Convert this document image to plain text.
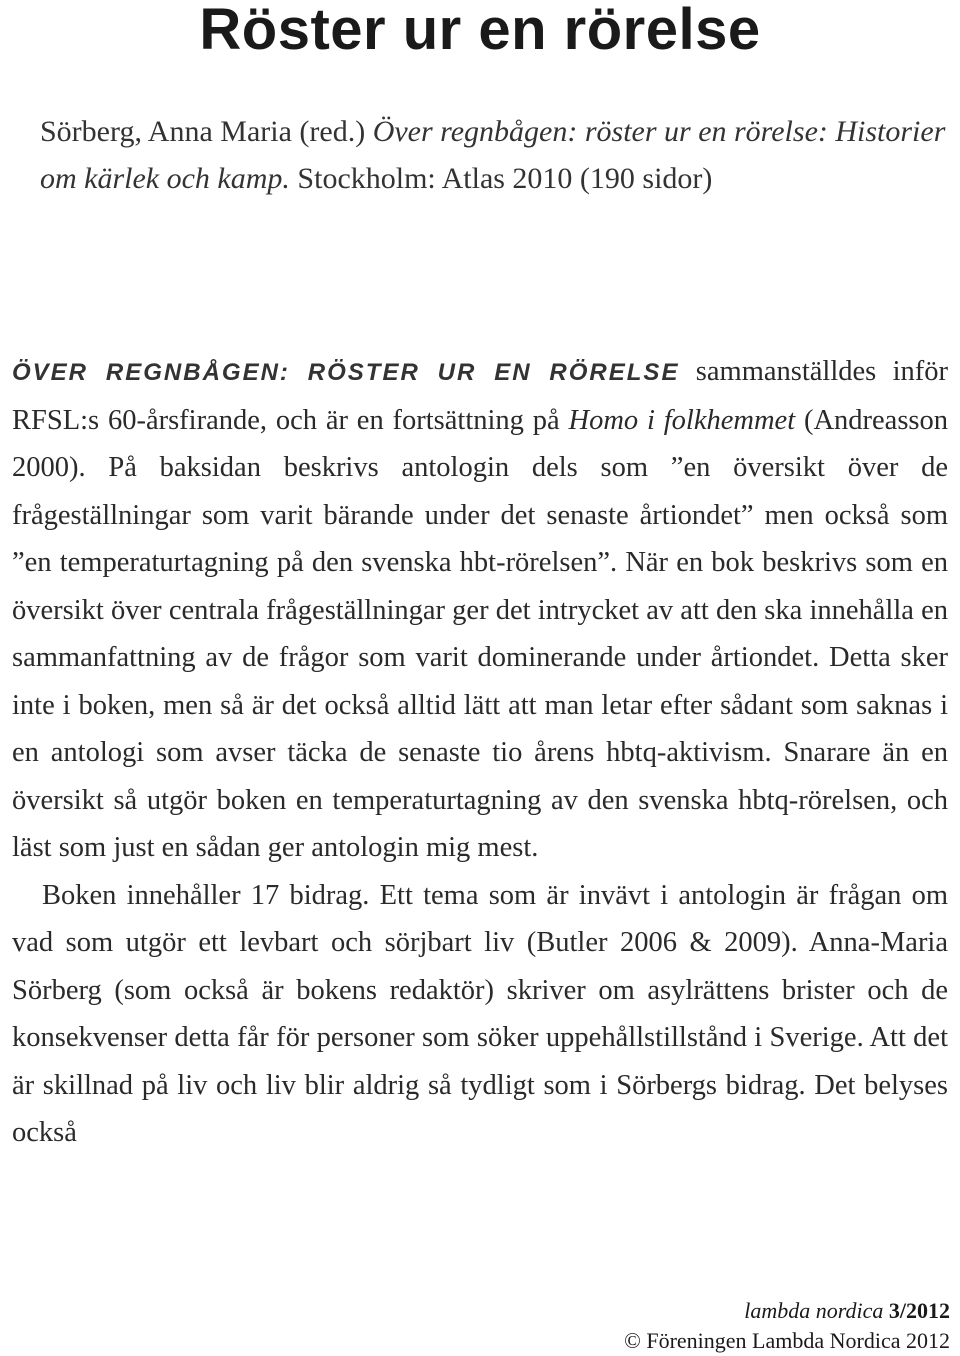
Röster ur en rörelse

Sörberg, Anna Maria (red.) Över regnbågen: röster ur en rörelse: Historier om kärlek och kamp. Stockholm: Atlas 2010 (190 sidor)

ÖVER REGNBÅGEN: RÖSTER UR EN RÖRELSE sammanställdes inför RFSL:s 60-årsfirande, och är en fortsättning på Homo i folkhemmet (Andreasson 2000). På baksidan beskrivs antologin dels som ”en översikt över de frågeställningar som varit bärande under det senaste årtiondet” men också som ”en temperaturtagning på den svenska hbt-rörelsen”. När en bok beskrivs som en översikt över centrala frågeställningar ger det intrycket av att den ska innehålla en sammanfattning av de frågor som varit dominerande under årtiondet. Detta sker inte i boken, men så är det också alltid lätt att man letar efter sådant som saknas i en antologi som avser täcka de senaste tio årens hbtq-aktivism. Snarare än en översikt så utgör boken en temperaturtagning av den svenska hbtq-rörelsen, och läst som just en sådan ger antologin mig mest.

Boken innehåller 17 bidrag. Ett tema som är invävt i antologin är frågan om vad som utgör ett levbart och sörjbart liv (Butler 2006 & 2009). Anna-Maria Sörberg (som också är bokens redaktör) skriver om asylrättens brister och de konsekvenser detta får för personer som söker uppehållstillstånd i Sverige. Att det är skillnad på liv och liv blir aldrig så tydligt som i Sörbergs bidrag. Det belyses också

lambda nordica 3/2012
© Föreningen Lambda Nordica 2012
